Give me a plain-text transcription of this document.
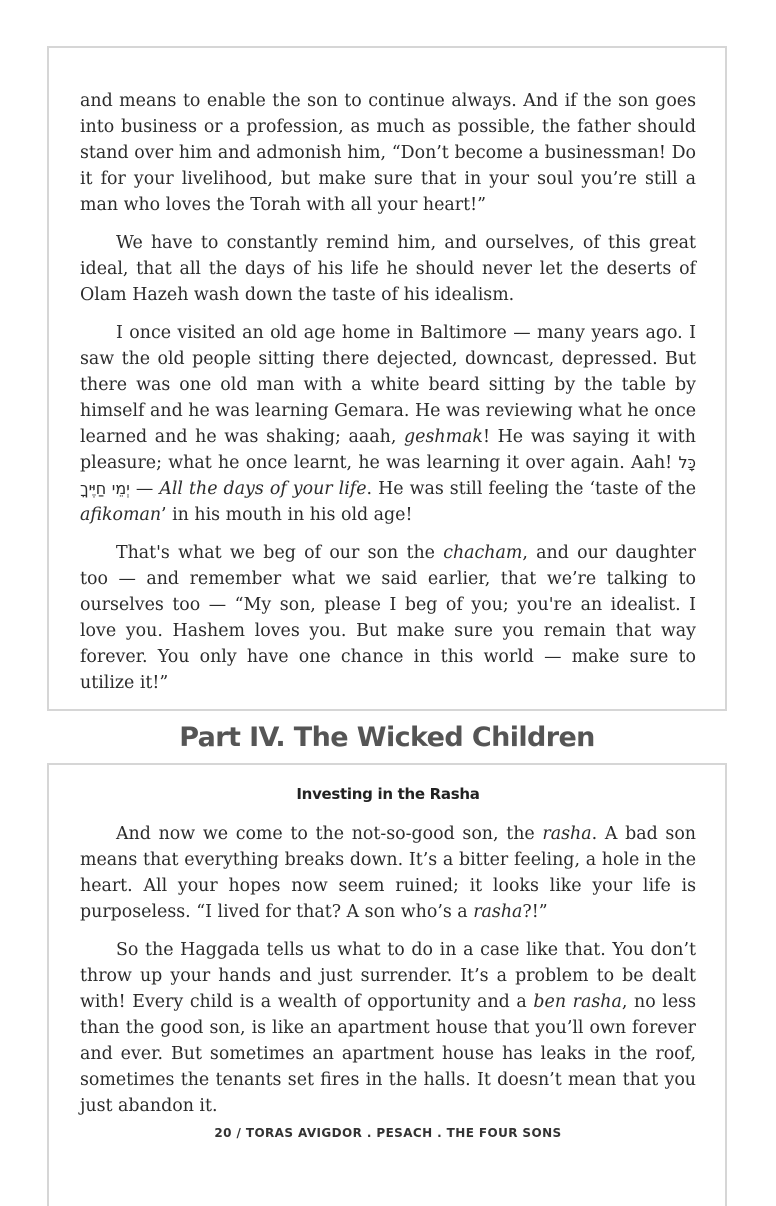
and means to enable the son to continue always. And if the son goes into business or a profession, as much as possible, the father should stand over him and admonish him, “Don’t become a businessman! Do it for your livelihood, but make sure that in your soul you’re still a man who loves the Torah with all your heart!”

We have to constantly remind him, and ourselves, of this great ideal, that all the days of his life he should never let the deserts of Olam Hazeh wash down the taste of his idealism.

I once visited an old age home in Baltimore — many years ago. I saw the old people sitting there dejected, downcast, depressed. But there was one old man with a white beard sitting by the table by himself and he was learning Gemara. He was reviewing what he once learned and he was shaking; aaah, geshmak! He was saying it with pleasure; what he once learnt, he was learning it over again. Aah! כָּל יְמֵי חַיֶּיךָ — All the days of your life. He was still feeling the ‘taste of the afikoman’ in his mouth in his old age!

That's what we beg of our son the chacham, and our daughter too — and remember what we said earlier, that we’re talking to ourselves too — “My son, please I beg of you; you're an idealist. I love you. Hashem loves you. But make sure you remain that way forever. You only have one chance in this world — make sure to utilize it!”

Part IV. The Wicked Children
Investing in the Rasha

And now we come to the not-so-good son, the rasha. A bad son means that everything breaks down. It’s a bitter feeling, a hole in the heart. All your hopes now seem ruined; it looks like your life is purposeless. “I lived for that? A son who’s a rasha?!”

So the Haggada tells us what to do in a case like that. You don’t throw up your hands and just surrender. It’s a problem to be dealt with! Every child is a wealth of opportunity and a ben rasha, no less than the good son, is like an apartment house that you’ll own forever and ever. But sometimes an apartment house has leaks in the roof, sometimes the tenants set fires in the halls. It doesn’t mean that you just abandon it.

20 / TORAS AVIGDOR . PESACH . THE FOUR SONS
